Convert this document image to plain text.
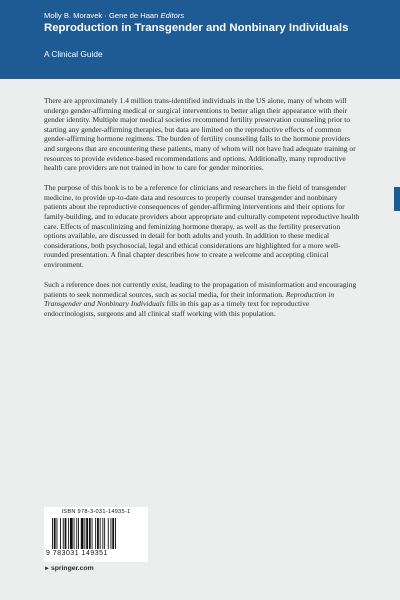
Molly B. Moravek · Gene de Haan Editors
Reproduction in Transgender and Nonbinary Individuals
A Clinical Guide

There are approximately 1.4 million trans-identified individuals in the US alone, many of whom will undergo gender-affirming medical or surgical interventions to better align their appearance with their gender identity. Multiple major medical societies recommend fertility preservation counseling prior to starting any gender-affirming therapies, but data are limited on the reproductive effects of common gender-affirming hormone regimens. The burden of fertility counseling falls to the hormone providers and surgeons that are encountering these patients, many of whom will not have had adequate training or resources to provide evidence-based recommendations and options. Additionally, many reproductive health care providers are not trained in how to care for gender minorities.

The purpose of this book is to be a reference for clinicians and researchers in the field of transgender medicine, to provide up-to-date data and resources to properly counsel transgender and nonbinary patients about the reproductive consequences of gender-affirming interventions and their options for family-building, and to educate providers about appropriate and culturally competent reproductive health care. Effects of masculinizing and feminizing hormone therapy, as well as the fertility preservation options available, are discussed in detail for both adults and youth. In addition to these medical considerations, both psychosocial, legal and ethical considerations are highlighted for a more well-rounded presentation. A final chapter describes how to create a welcome and accepting clinical environment.

Such a reference does not currently exist, leading to the propagation of misinformation and encouraging patients to seek nonmedical sources, such as social media, for their information. Reproduction in Transgender and Nonbinary Individuals fills in this gap as a timely text for reproductive endocrinologists, surgeons and all clinical staff working with this population.

ISBN 978-3-031-14935-1
9 783031 149351
►springer.com
